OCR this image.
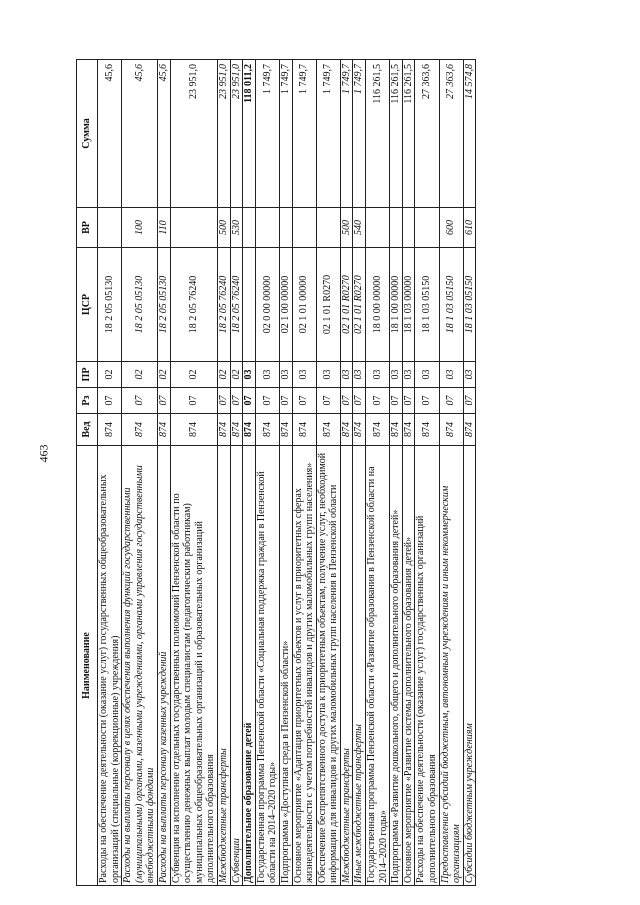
463
Наименование	Вед	Рз	ПР	ЦСР	ВР	Сумма
Расходы на обеспечение деятельности (оказание услуг) государственных общеобразовательных организаций (специальные (коррекционные) учреждения)	874	07	02	18 2 05 05130		45,6
Расходы на выплаты персоналу в целях обеспечения выполнения функций государственными (муниципальными) органами, казенными учреждениями, органами управления государственными внебюджетными фондами	874	07	02	18 2 05 05130	100	45,6
Расходы на выплаты персоналу казенных учреждений	874	07	02	18 2 05 05130	110	45,6
Субвенция на исполнение отдельных государственных полномочий Пензенской области по осуществлению денежных выплат молодым специалистам (педагогическим работникам) муниципальных общеобразовательных организаций и образовательных организаций дополнительного образования	874	07	02	18 2 05 76240		23 951,0
Межбюджетные трансферты	874	07	02	18 2 05 76240	500	23 951,0
Субвенции	874	07	02	18 2 05 76240	530	23 951,0
Дополнительное образование детей	874	07	03			118 011,2
Государственная программа Пензенской области «Социальная поддержка граждан в Пензенской области на 2014–2020 годы»	874	07	03	02 0 00 00000		1 749,7
Подпрограмма «Доступная среда в Пензенской области»	874	07	03	02 1 00 00000		1 749,7
Основное мероприятие «Адаптация приоритетных объектов и услуг в приоритетных сферах жизнедеятельности с учетом потребностей инвалидов и других маломобильных групп населения»	874	07	03	02 1 01 00000		1 749,7
Обеспечение беспрепятственного доступа к приоритетным объектам, получение услуг, необходимой информации для инвалидов и других маломобильных групп населения в Пензенской области	874	07	03	02 1 01 R0270		1 749,7
Межбюджетные трансферты	874	07	03	02 1 01 R0270	500	1 749,7
Иные межбюджетные трансферты	874	07	03	02 1 01 R0270	540	1 749,7
Государственная программа Пензенской области «Развитие образования в Пензенской области на 2014–2020 годы»	874	07	03	18 0 00 00000		116 261,5
Подпрограмма «Развитие дошкольного, общего и дополнительного образования детей»	874	07	03	18 1 00 00000		116 261,5
Основное мероприятие «Развитие системы дополнительного образования детей»	874	07	03	18 1 03 00000		116 261,5
Расходы на обеспечение деятельности (оказание услуг) государственных организаций дополнительного образования	874	07	03	18 1 03 05150		27 363,6
Предоставление субсидий бюджетным, автономным учреждениям и иным некоммерческим организациям	874	07	03	18 1 03 05150	600	27 363,6
Субсидии бюджетным учреждениям	874	07	03	18 1 03 05150	610	14 574,8
